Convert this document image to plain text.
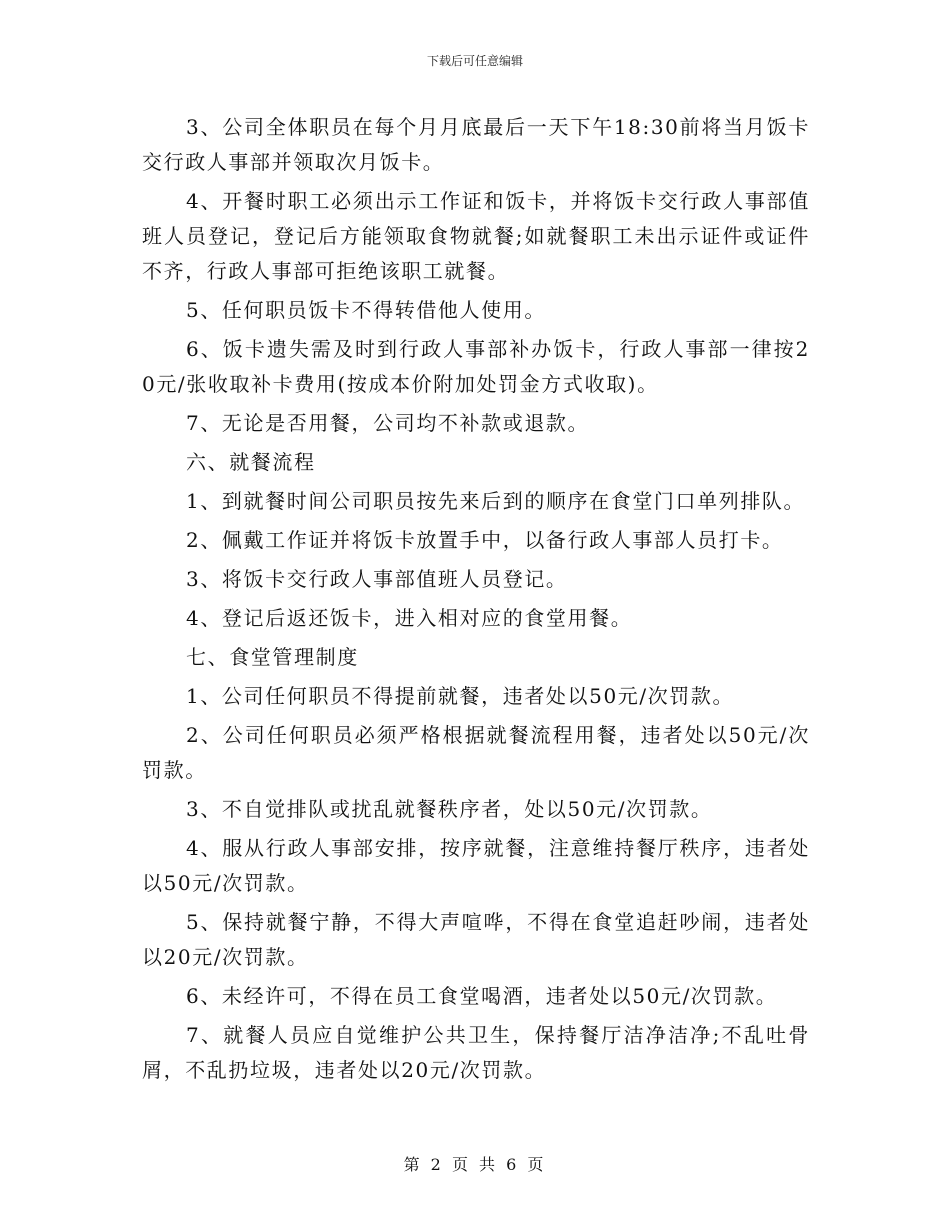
下载后可任意编辑

3、公司全体职员在每个月月底最后一天下午18:30前将当月饭卡交行政人事部并领取次月饭卡。

4、开餐时职工必须出示工作证和饭卡，并将饭卡交行政人事部值班人员登记，登记后方能领取食物就餐;如就餐职工未出示证件或证件不齐，行政人事部可拒绝该职工就餐。

5、任何职员饭卡不得转借他人使用。

6、饭卡遗失需及时到行政人事部补办饭卡，行政人事部一律按20元/张收取补卡费用(按成本价附加处罚金方式收取)。

7、无论是否用餐，公司均不补款或退款。

六、就餐流程

1、到就餐时间公司职员按先来后到的顺序在食堂门口单列排队。

2、佩戴工作证并将饭卡放置手中，以备行政人事部人员打卡。

3、将饭卡交行政人事部值班人员登记。

4、登记后返还饭卡，进入相对应的食堂用餐。

七、食堂管理制度

1、公司任何职员不得提前就餐，违者处以50元/次罚款。

2、公司任何职员必须严格根据就餐流程用餐，违者处以50元/次罚款。

3、不自觉排队或扰乱就餐秩序者，处以50元/次罚款。

4、服从行政人事部安排，按序就餐，注意维持餐厅秩序，违者处以50元/次罚款。

5、保持就餐宁静，不得大声喧哗，不得在食堂追赶吵闹，违者处以20元/次罚款。

6、未经许可，不得在员工食堂喝酒，违者处以50元/次罚款。

7、就餐人员应自觉维护公共卫生，保持餐厅洁净洁净;不乱吐骨屑，不乱扔垃圾，违者处以20元/次罚款。

第 2 页 共 6 页
